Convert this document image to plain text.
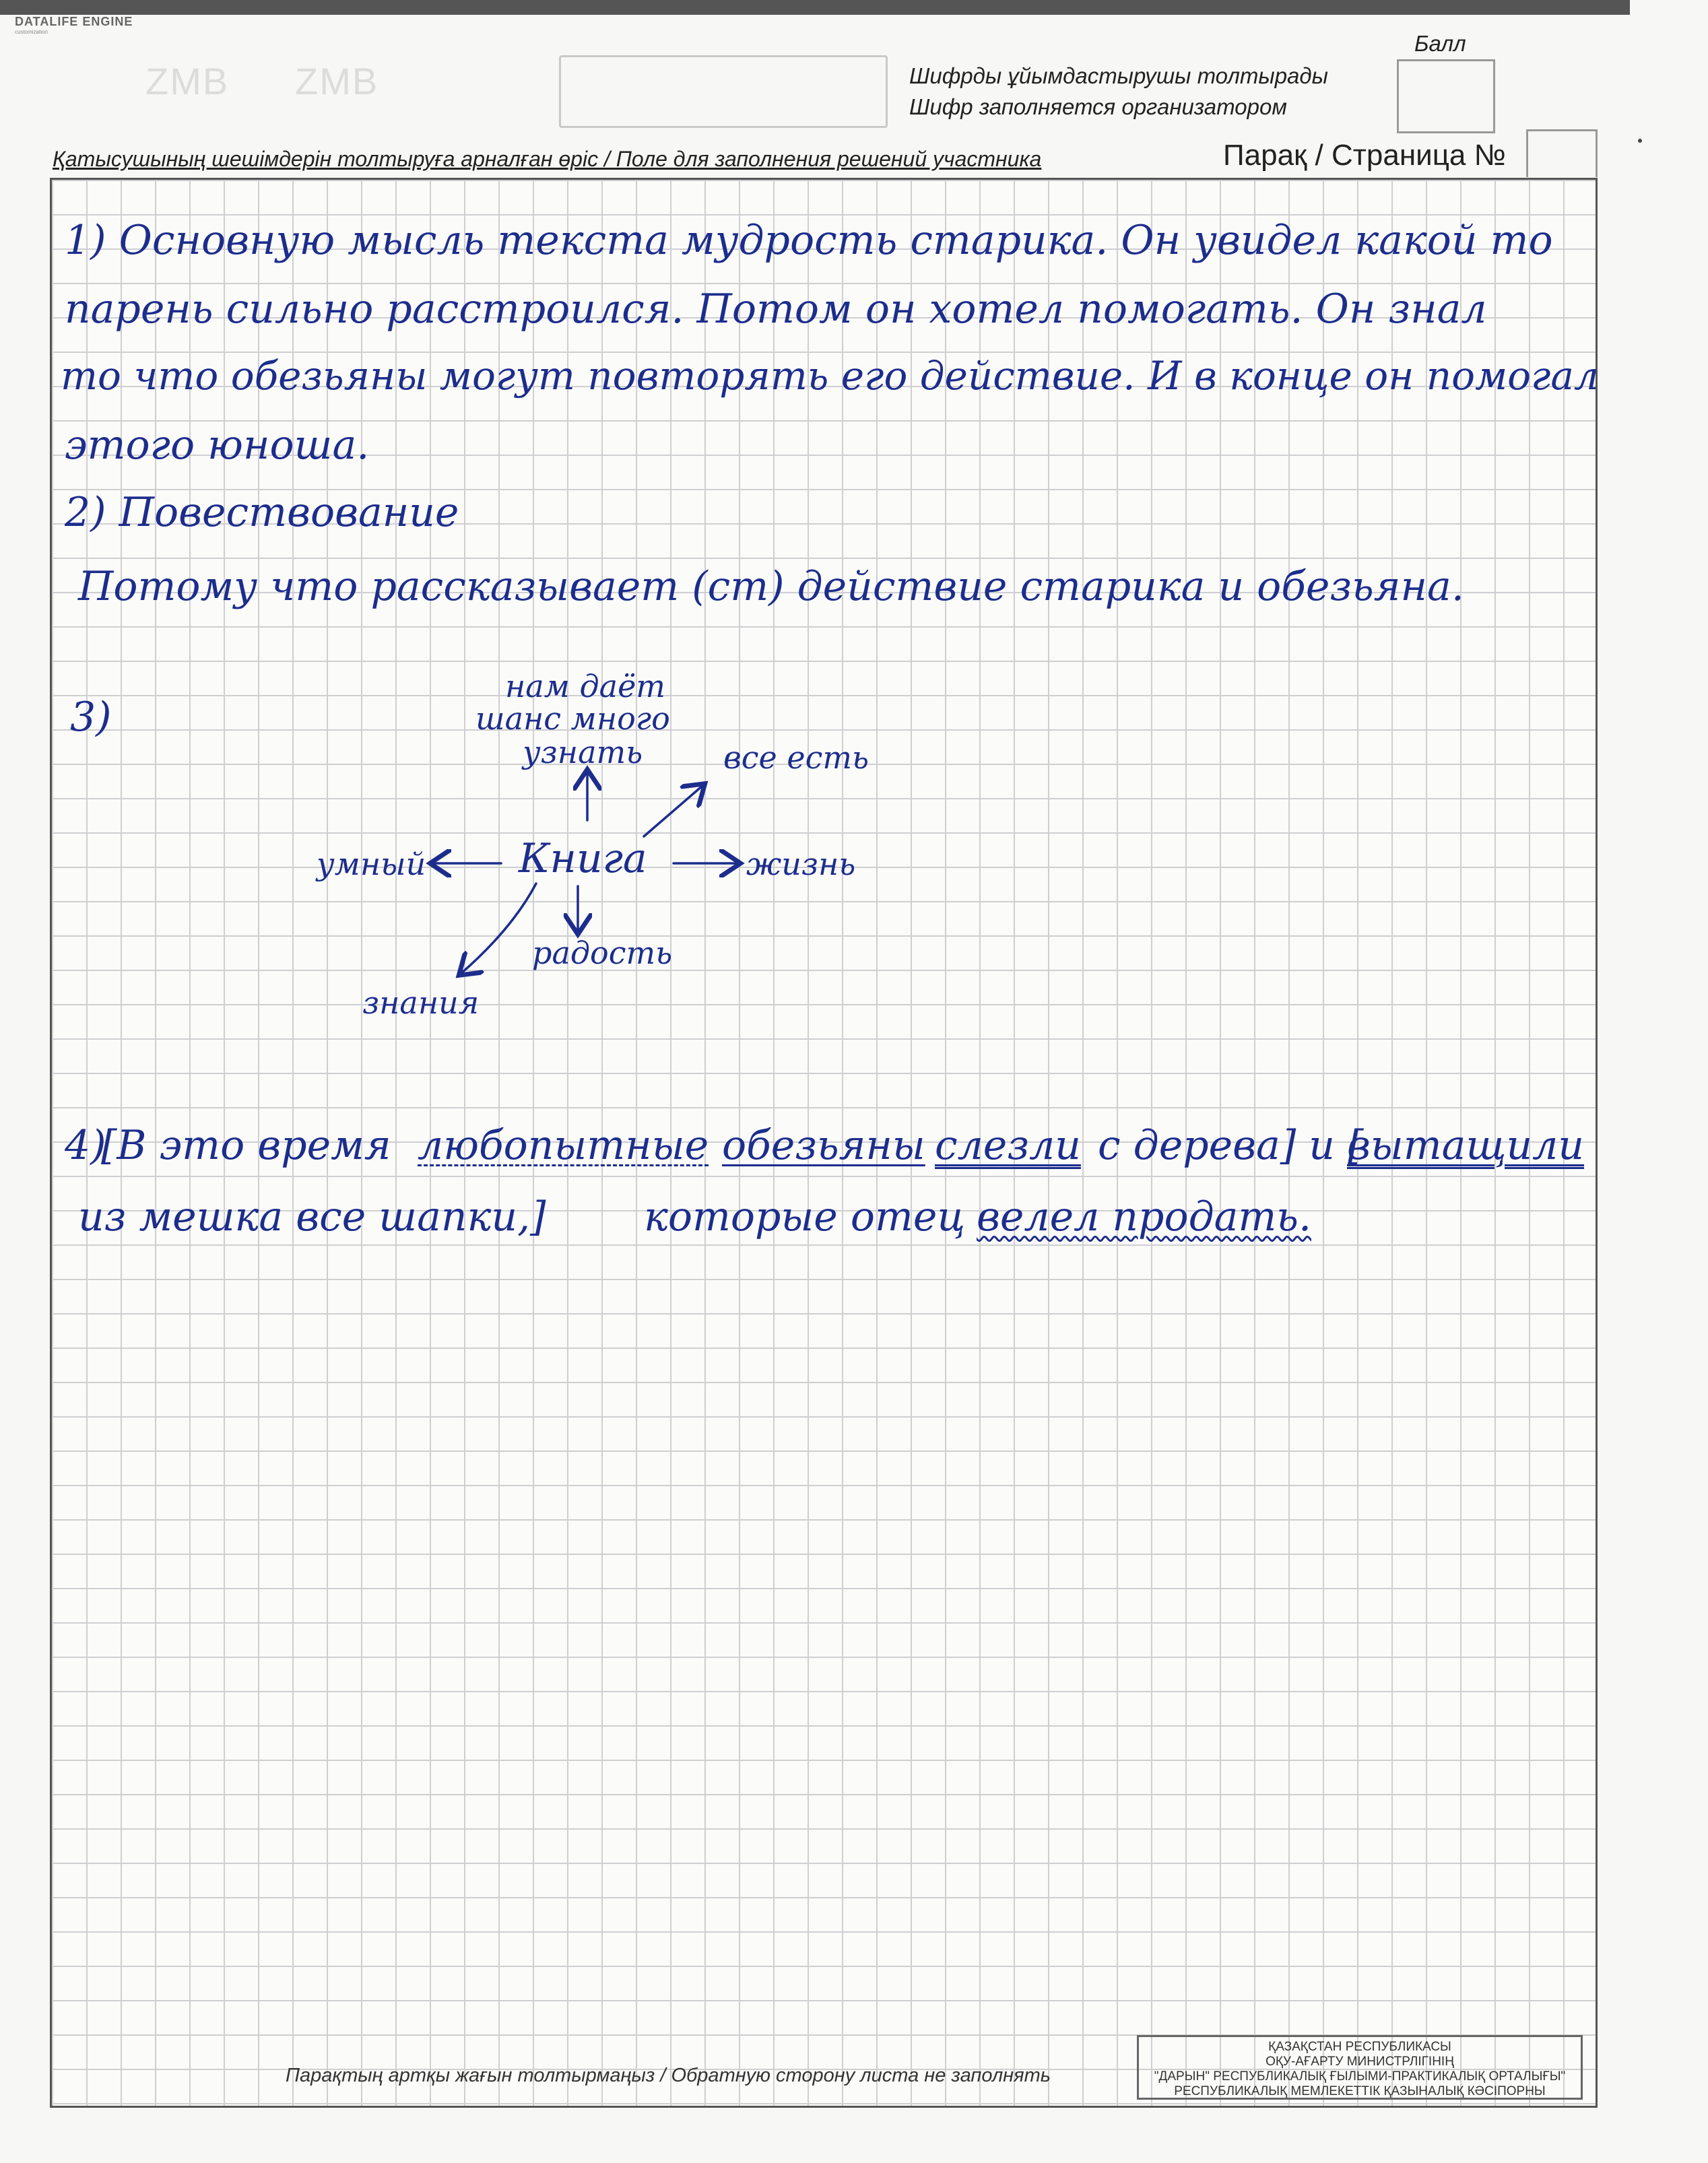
DATALIFE ENGINE
customization
ZMB ZMB	Шифрды ұйымдастырушы толтырады
Шифр заполняется организатором
Балл
Қатысушының шешімдерін толтыруға арналған өріс / Поле для заполнения решений участника	Парақ / Страница №
1) Основную мысль текста мудрость старика. Он увидел какой то
парень сильно расстроился. Потом он хотел помогать. Он знал
то что обезьяны могут повторять его действие. И в конце он помогал
этого юноша.
2) Повествование
Потому что рассказывает (ст) действие старика и обезьяна.
3)
нам даёт
шанс много
узнать	все есть
Книга
умный	жизнь
радость
знания
4)
[В это время любопытные обезьяны слезли с дерева] и [
вытащили
из мешка все шапки,] которые отец велел продать.
Парақтың артқы жағын толтырмаңыз / Обратную сторону листа не заполнять
ҚАЗАҚСТАН РЕСПУБЛИКАСЫ
ОҚУ-АҒАРТУ МИНИСТРЛІГІНІҢ
"ДАРЫН" РЕСПУБЛИКАЛЫҚ ҒЫЛЫМИ-ПРАКТИКАЛЫҚ ОРТАЛЫҒЫ"
РЕСПУБЛИКАЛЫҚ МЕМЛЕКЕТТІК ҚАЗЫНАЛЫҚ КӘСІПОРНЫ
